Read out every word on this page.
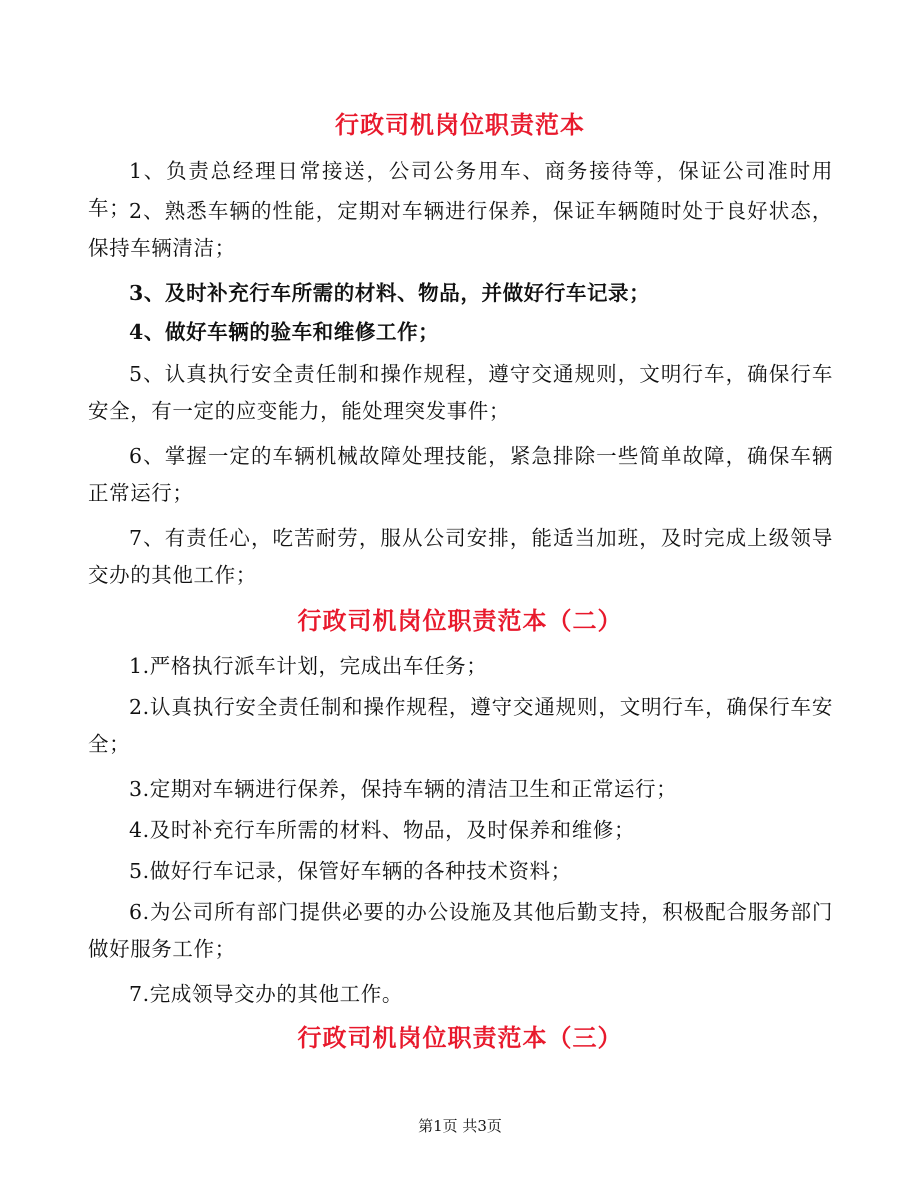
行政司机岗位职责范本
1、负责总经理日常接送，公司公务用车、商务接待等，保证公司准时用车；
2、熟悉车辆的性能，定期对车辆进行保养，保证车辆随时处于良好状态，保持车辆清洁；
3、及时补充行车所需的材料、物品，并做好行车记录；
4、做好车辆的验车和维修工作；
5、认真执行安全责任制和操作规程，遵守交通规则，文明行车，确保行车安全，有一定的应变能力，能处理突发事件；
6、掌握一定的车辆机械故障处理技能，紧急排除一些简单故障，确保车辆正常运行；
7、有责任心，吃苦耐劳，服从公司安排，能适当加班，及时完成上级领导交办的其他工作；
行政司机岗位职责范本（二）
1.严格执行派车计划，完成出车任务；
2.认真执行安全责任制和操作规程，遵守交通规则，文明行车，确保行车安全；
3.定期对车辆进行保养，保持车辆的清洁卫生和正常运行；
4.及时补充行车所需的材料、物品，及时保养和维修；
5.做好行车记录，保管好车辆的各种技术资料；
6.为公司所有部门提供必要的办公设施及其他后勤支持，积极配合服务部门做好服务工作；
7.完成领导交办的其他工作。
行政司机岗位职责范本（三）
第1页 共3页
